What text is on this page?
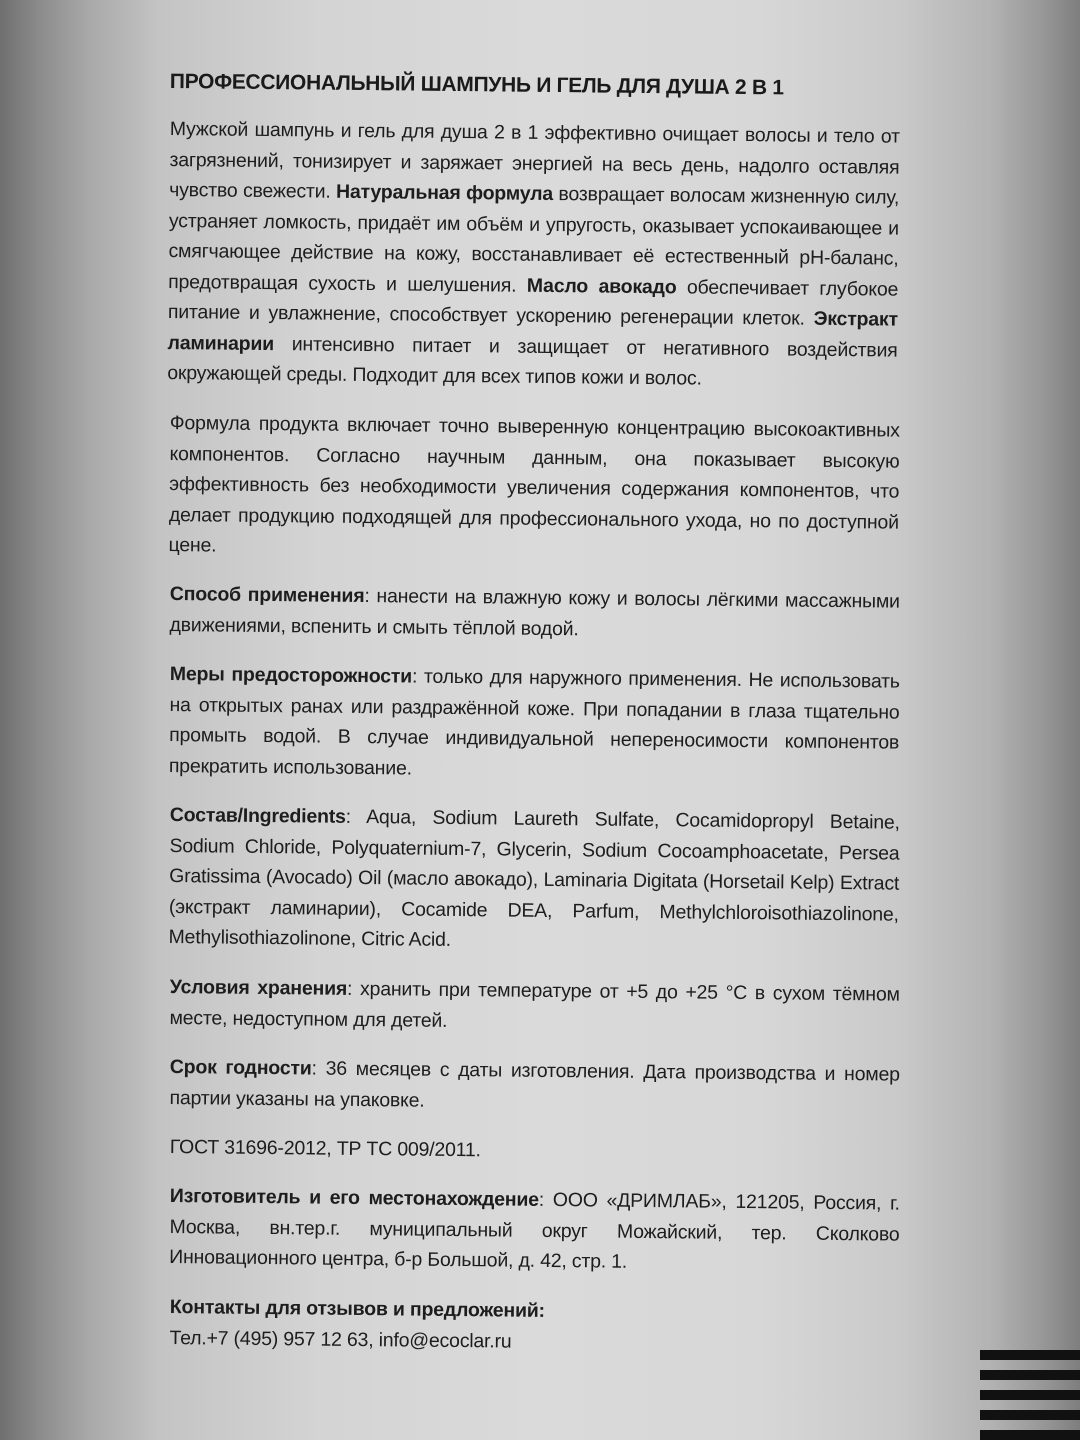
ПРОФЕССИОНАЛЬНЫЙ ШАМПУНЬ И ГЕЛЬ ДЛЯ ДУША 2 В 1

Мужской шампунь и гель для душа 2 в 1 эффективно очищает волосы и тело от загрязнений, тонизирует и заряжает энергией на весь день, надолго оставляя чувство свежести. Натуральная формула возвращает волосам жизненную силу, устраняет ломкость, придаёт им объём и упругость, оказывает успокаивающее и смягчающее действие на кожу, восстанавливает её естественный pH-баланс, предотвращая сухость и шелушения. Масло авокадо обеспечивает глубокое питание и увлажнение, способствует ускорению регенерации клеток. Экстракт ламинарии интенсивно питает и защищает от негативного воздействия окружающей среды. Подходит для всех типов кожи и волос.

Формула продукта включает точно выверенную концентрацию высокоактивных компонентов. Согласно научным данным, она показывает высокую эффективность без необходимости увеличения содержания компонентов, что делает продукцию подходящей для профессионального ухода, но по доступной цене.

Способ применения: нанести на влажную кожу и волосы лёгкими массажными движениями, вспенить и смыть тёплой водой.

Меры предосторожности: только для наружного применения. Не использовать на открытых ранах или раздражённой коже. При попадании в глаза тщательно промыть водой. В случае индивидуальной непереносимости компонентов прекратить использование.

Состав/Ingredients: Aqua, Sodium Laureth Sulfate, Cocamidopropyl Betaine, Sodium Chloride, Polyquaternium-7, Glycerin, Sodium Cocoamphoacetate, Persea Gratissima (Avocado) Oil (масло авокадо), Laminaria Digitata (Horsetail Kelp) Extract (экстракт ламинарии), Cocamide DEA, Parfum, Methylchloroisothiazolinone, Methylisothiazolinone, Citric Acid.

Условия хранения: хранить при температуре от +5 до +25 °С в сухом тёмном месте, недоступном для детей.

Срок годности: 36 месяцев с даты изготовления. Дата производства и номер партии указаны на упаковке.

ГОСТ 31696-2012, ТР ТС 009/2011.

Изготовитель и его местонахождение: ООО «ДРИМЛАБ», 121205, Россия, г. Москва, вн.тер.г. муниципальный округ Можайский, тер. Сколково Инновационного центра, б-р Большой, д. 42, стр. 1.

Контакты для отзывов и предложений:
Тел.+7 (495) 957 12 63, info@ecoclar.ru
